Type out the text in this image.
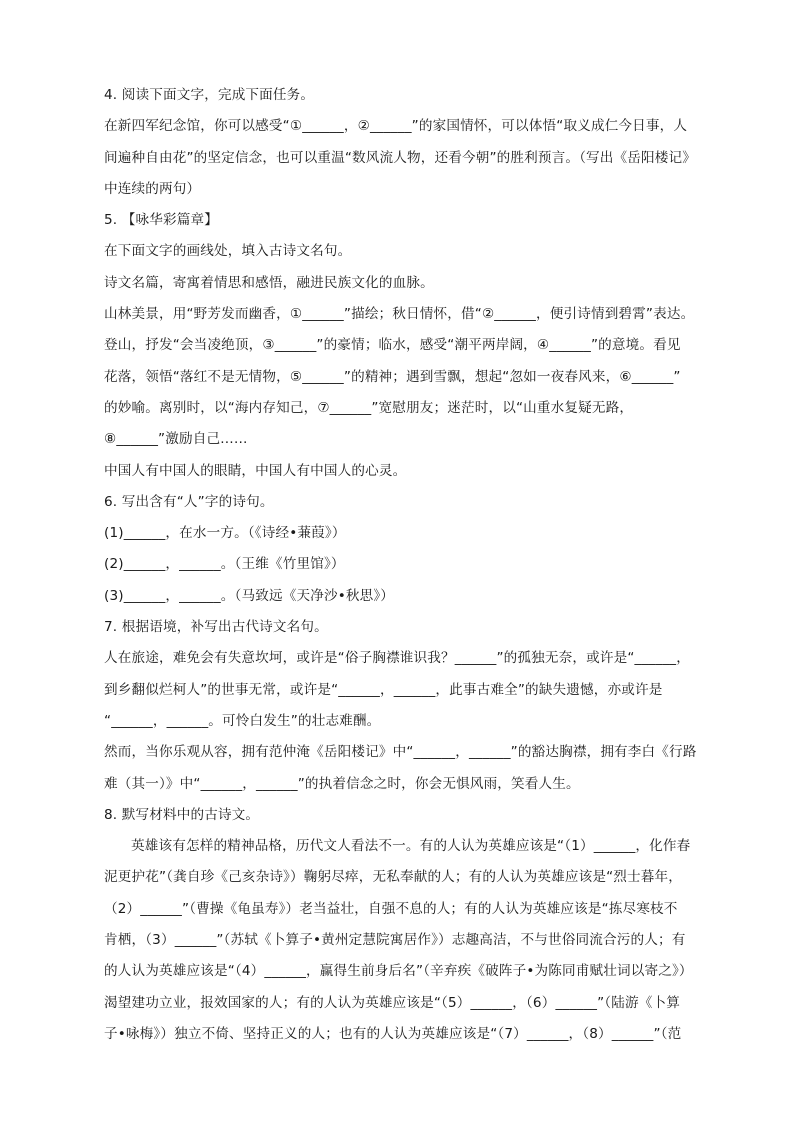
4. 阅读下面文字，完成下面任务。
在新四军纪念馆，你可以感受“①______，②______”的家国情怀，可以体悟“取义成仁今日事，人
间遍种自由花”的坚定信念，也可以重温“数风流人物，还看今朝”的胜利预言。（写出《岳阳楼记》
中连续的两句）
5. 【咏华彩篇章】
在下面文字的画线处，填入古诗文名句。
诗文名篇，寄寓着情思和感悟，融进民族文化的血脉。
山林美景，用“野芳发而幽香，①______”描绘；秋日情怀，借“②______，便引诗情到碧霄”表达。
登山，抒发“会当凌绝顶，③______”的豪情；临水，感受“潮平两岸阔，④______”的意境。看见
花落，领悟“落红不是无情物，⑤______”的精神；遇到雪飘，想起“忽如一夜春风来，⑥______”
的妙喻。离别时，以“海内存知己，⑦______”宽慰朋友；迷茫时，以“山重水复疑无路，
⑧______”激励自己……
中国人有中国人的眼睛，中国人有中国人的心灵。
6. 写出含有“人”字的诗句。
(1)______，在水一方。（《诗经•蒹葭》）
(2)______，______。（王维《竹里馆》）
(3)______，______。（马致远《天净沙•秋思》）
7. 根据语境，补写出古代诗文名句。
人在旅途，难免会有失意坎坷，或许是“俗子胸襟谁识我？______”的孤独无奈，或许是“______，
到乡翻似烂柯人”的世事无常，或许是“______，______，此事古难全”的缺失遗憾，亦或许是
“______，______。可怜白发生”的壮志难酬。
然而，当你乐观从容，拥有范仲淹《岳阳楼记》中“______，______”的豁达胸襟，拥有李白《行路
难（其一）》中“______，______”的执着信念之时，你会无惧风雨，笑看人生。
8. 默写材料中的古诗文。
英雄该有怎样的精神品格，历代文人看法不一。有的人认为英雄应该是“（1）______，化作春
泥更护花”（龚自珍《己亥杂诗》）鞠躬尽瘁，无私奉献的人；有的人认为英雄应该是“烈士暮年，
（2）______”（曹操《龟虽寿》）老当益壮，自强不息的人；有的人认为英雄应该是“拣尽寒枝不
肯栖，（3）______”（苏轼《卜算子•黄州定慧院寓居作》）志趣高洁，不与世俗同流合污的人；有
的人认为英雄应该是“（4）______，赢得生前身后名”（辛弃疾《破阵子•为陈同甫赋壮词以寄之》）
渴望建功立业，报效国家的人；有的人认为英雄应该是“（5）______，（6）______”（陆游《卜算
子•咏梅》）独立不倚、坚持正义的人；也有的人认为英雄应该是“（7）______，（8）______”（范
